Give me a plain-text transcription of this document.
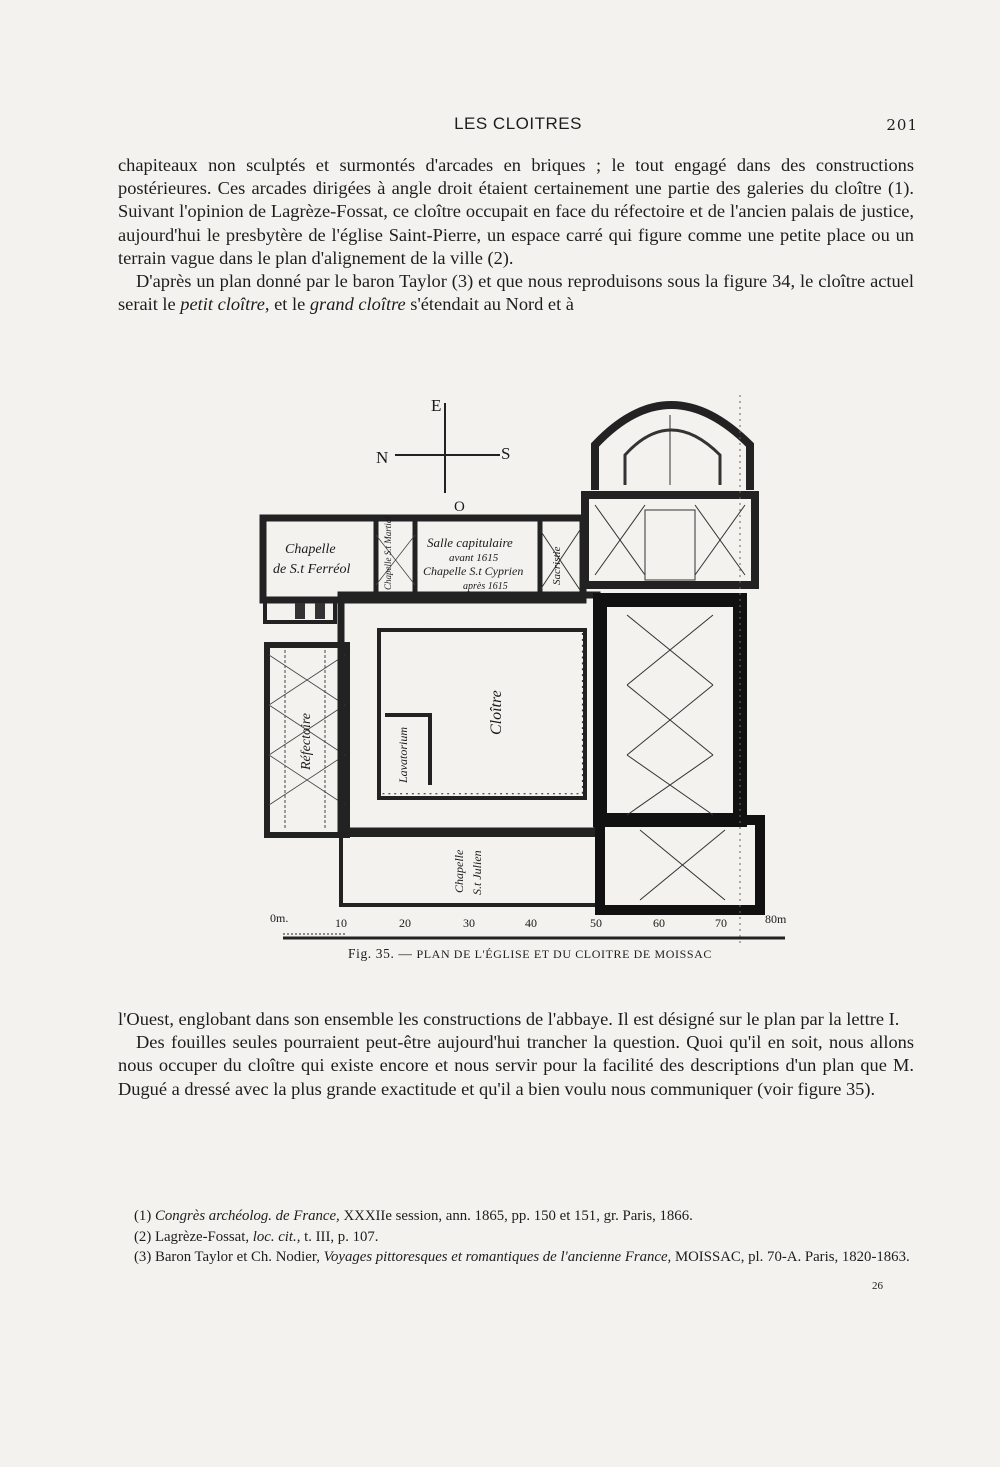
LES CLOITRES	201

chapiteaux non sculptés et surmontés d'arcades en briques ; le tout engagé dans des constructions postérieures. Ces arcades dirigées à angle droit étaient certainement une partie des galeries du cloître (1). Suivant l'opinion de Lagrèze-Fossat, ce cloître occupait en face du réfectoire et de l'ancien palais de justice, aujourd'hui le presbytère de l'église Saint-Pierre, un espace carré qui figure comme une petite place ou un terrain vague dans le plan d'alignement de la ville (2).

D'après un plan donné par le baron Taylor (3) et que nous reproduisons sous la figure 34, le cloître actuel serait le petit cloître, et le grand cloître s'étendait au Nord et à

E
N	S
O
Chapelle
de S.t Ferréol	Chapelle S.t Martial	Salle capitulaire
avant 1615
Chapelle S.t Cyprien
après 1615
Sacristie
Réfectoire	Lavatorium
Cloître
Chapelle S.t Julien
0m.	10	20	30	40	50	60	70	80m
Fig. 35. — PLAN DE L'ÉGLISE ET DU CLOITRE DE MOISSAC

l'Ouest, englobant dans son ensemble les constructions de l'abbaye. Il est désigné sur le plan par la lettre I.

Des fouilles seules pourraient peut-être aujourd'hui trancher la question. Quoi qu'il en soit, nous allons nous occuper du cloître qui existe encore et nous servir pour la facilité des descriptions d'un plan que M. Dugué a dressé avec la plus grande exactitude et qu'il a bien voulu nous communiquer (voir figure 35).

(1) Congrès archéolog. de France, XXXIIe session, ann. 1865, pp. 150 et 151, gr. Paris, 1866.

(2) Lagrèze-Fossat, loc. cit., t. III, p. 107.

(3) Baron Taylor et Ch. Nodier, Voyages pittoresques et romantiques de l'ancienne France, MOISSAC, pl. 70-A. Paris, 1820-1863.

26
